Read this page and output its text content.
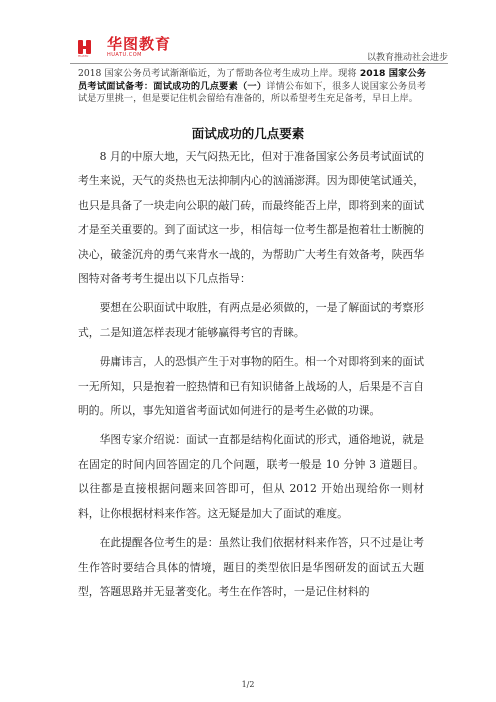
HUATU
华图教育
HUATU.COM	以教育推动社会进步
2018 国家公务员考试渐渐临近，为了帮助各位考生成功上岸。现将 2018 国家公务员考试面试备考：面试成功的几点要素（一）详情公布如下，很多人说国家公务员考试是万里挑一，但是要记住机会留给有准备的，所以希望考生充足备考，早日上岸。
面试成功的几点要素

8 月的中原大地，天气闷热无比，但对于准备国家公务员考试面试的考生来说，天气的炎热也无法抑制内心的汹涌澎湃。因为即使笔试通关，也只是具备了一块走向公职的敲门砖，而最终能否上岸，即将到来的面试才是至关重要的。到了面试这一步，相信每一位考生都是抱着壮士断腕的决心，破釜沉舟的勇气来背水一战的，为帮助广大考生有效备考，陕西华图特对备考考生提出以下几点指导：

要想在公职面试中取胜，有两点是必须做的，一是了解面试的考察形式，二是知道怎样表现才能够赢得考官的青睐。

毋庸讳言，人的恐惧产生于对事物的陌生。相一个对即将到来的面试一无所知，只是抱着一腔热情和已有知识储备上战场的人，后果是不言自明的。所以，事先知道省考面试如何进行的是考生必做的功课。

华图专家介绍说：面试一直都是结构化面试的形式，通俗地说，就是在固定的时间内回答固定的几个问题，联考一般是 10 分钟 3 道题目。以往都是直接根据问题来回答即可，但从 2012 开始出现给你一则材料，让你根据材料来作答。这无疑是加大了面试的难度。

在此提醒各位考生的是：虽然让我们依据材料来作答，只不过是让考生作答时要结合具体的情境，题目的类型依旧是华图研发的面试五大题型，答题思路并无显著变化。考生在作答时，一是记住材料的

1/2
